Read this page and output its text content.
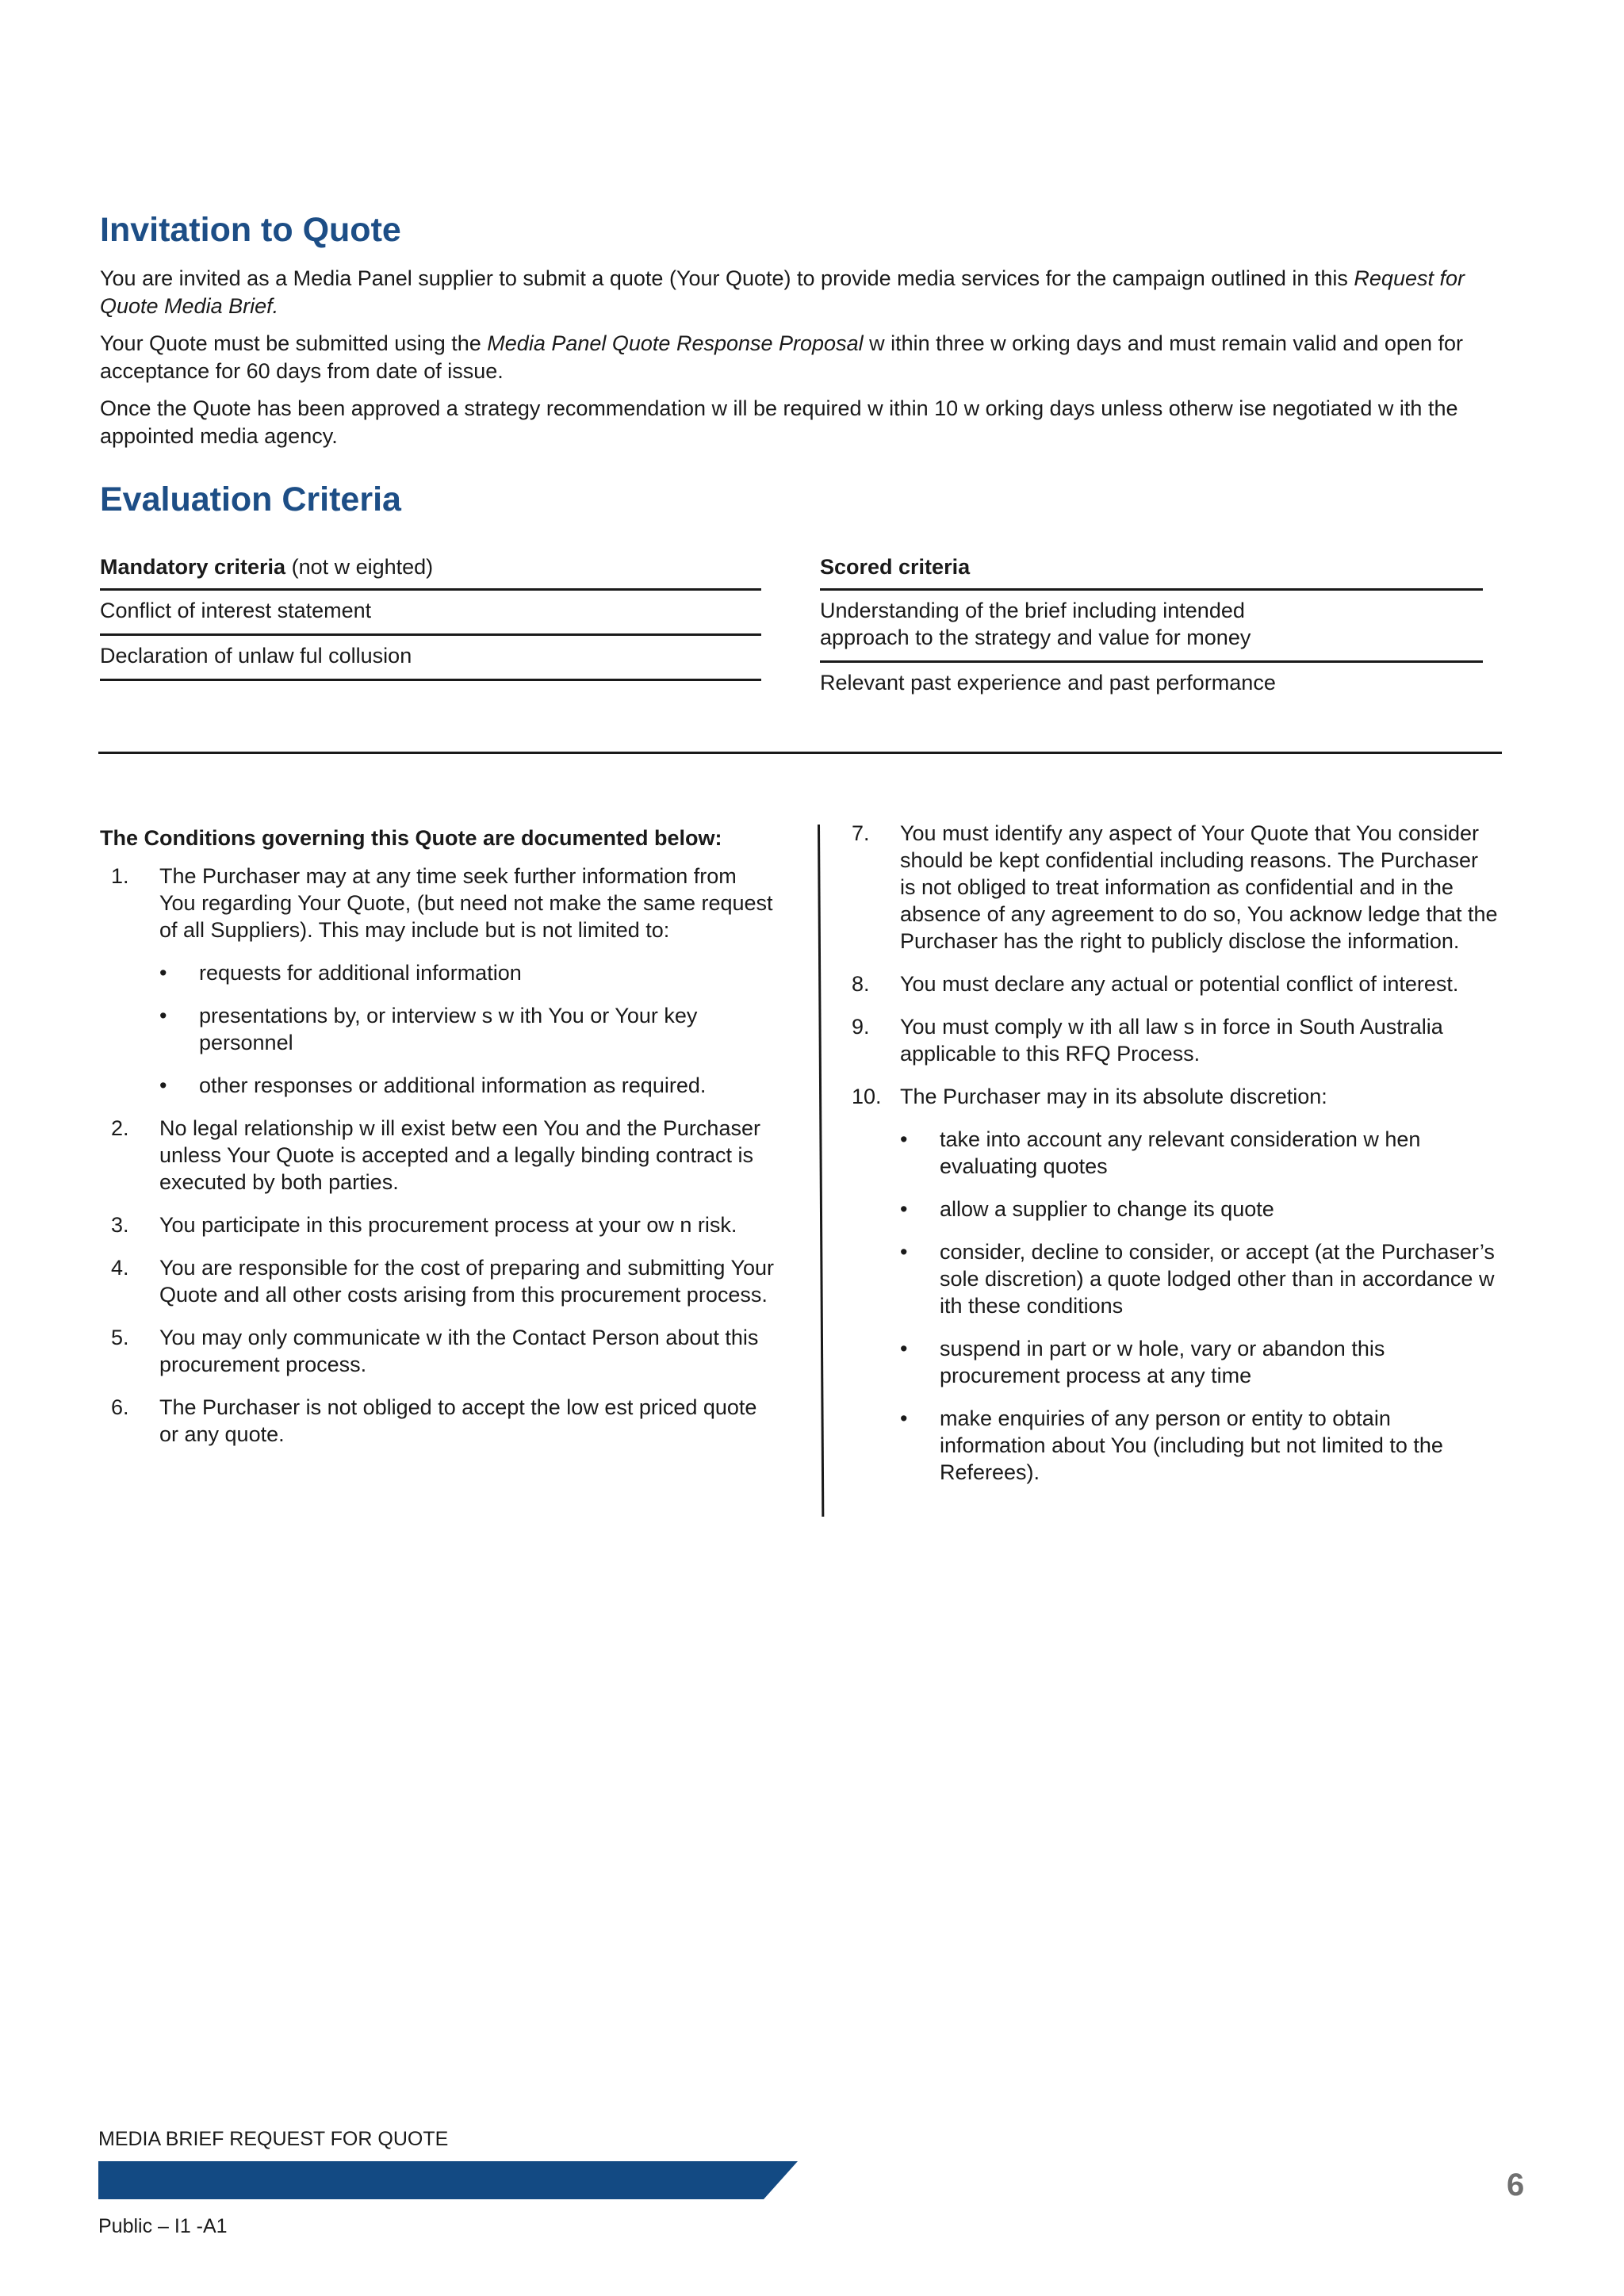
Invitation to Quote

You are invited as a Media Panel supplier to submit a quote (Your Quote) to provide media services for the campaign outlined in this Request for Quote Media Brief.

Your Quote must be submitted using the Media Panel Quote Response Proposal w ithin three w orking days and must remain valid and open for acceptance for 60 days from date of issue.

Once the Quote has been approved a strategy recommendation w ill be required w ithin 10 w orking days unless otherw ise negotiated w ith the appointed media agency.

Evaluation Criteria
Mandatory criteria (not w eighted)
Conflict of interest statement
Declaration of unlaw ful collusion
Scored criteria
Understanding of the brief including intended approach to the strategy and value for money
Relevant past experience and past performance
The Conditions governing this Quote are documented below:
1. The Purchaser may at any time seek further information from You regarding Your Quote, (but need not make the same request of all Suppliers). This may include but is not limited to:
• requests for additional information
• presentations by, or interview s w ith You or Your key personnel
• other responses or additional information as required.
2. No legal relationship w ill exist betw een You and the Purchaser unless Your Quote is accepted and a legally binding contract is executed by both parties.
3. You participate in this procurement process at your ow n risk.
4. You are responsible for the cost of preparing and submitting Your Quote and all other costs arising from this procurement process.
5. You may only communicate w ith the Contact Person about this procurement process.
6. The Purchaser is not obliged to accept the low est priced quote or any quote.
7. You must identify any aspect of Your Quote that You consider should be kept confidential including reasons. The Purchaser is not obliged to treat information as confidential and in the absence of any agreement to do so, You acknow ledge that the Purchaser has the right to publicly disclose the information.
8. You must declare any actual or potential conflict of interest.
9. You must comply w ith all law s in force in South Australia applicable to this RFQ Process.
10. The Purchaser may in its absolute discretion:
• take into account any relevant consideration w hen evaluating quotes
• allow a supplier to change its quote
• consider, decline to consider, or accept (at the Purchaser’s sole discretion) a quote lodged other than in accordance w ith these conditions
• suspend in part or w hole, vary or abandon this procurement process at any time
• make enquiries of any person or entity to obtain information about You (including but not limited to the Referees).
MEDIA BRIEF REQUEST FOR QUOTE
6
Public – I1 -A1
